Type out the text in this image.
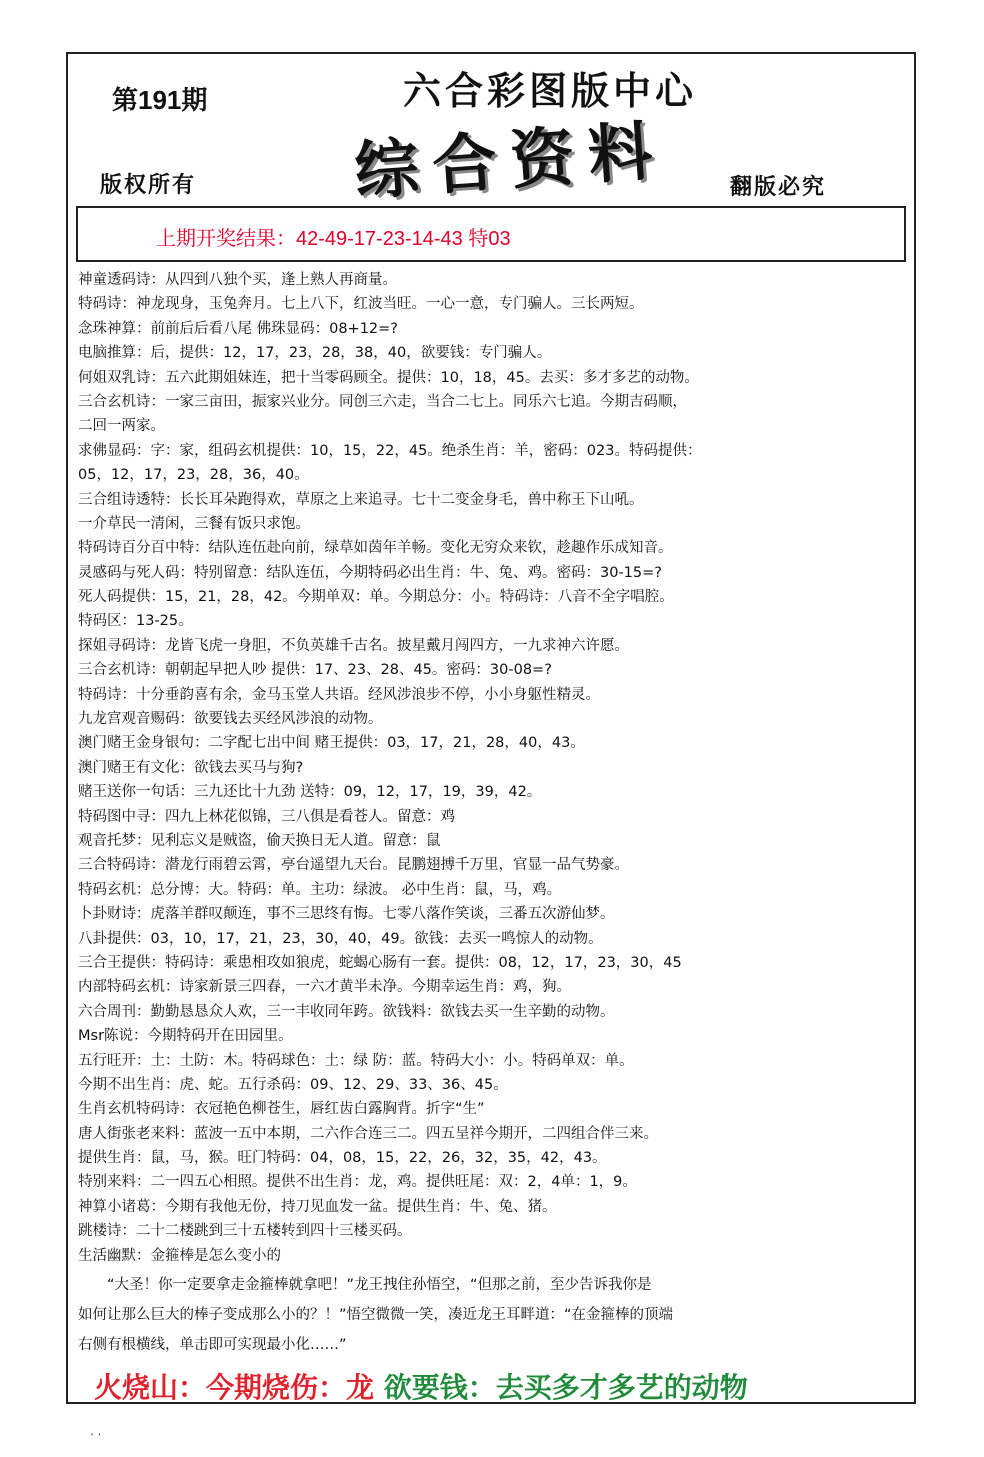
第191期	六合彩图版中心
综合资料
版权所有	翻版必究
上期开奖结果：42-49-17-23-14-43 特03
神童透码诗：从四到八独个买，逢上熟人再商量。
特码诗：神龙现身，玉兔奔月。七上八下，红波当旺。一心一意，专门骗人。三长两短。
念珠神算：前前后后看八尾 佛珠显码：08+12=?
电脑推算：后，提供：12，17，23，28，38，40，欲要钱：专门骗人。
何姐双乳诗：五六此期姐妹连，把十当零码顾全。提供：10，18，45。去买：多才多艺的动物。
三合玄机诗：一家三亩田，振家兴业分。同创三六走，当合二七上。同乐六七追。今期吉码顺，
二回一两家。
求佛显码：字：家，组码玄机提供：10，15，22，45。绝杀生肖：羊，密码：023。特码提供：
05，12，17，23，28，36，40。
三合组诗透特：长长耳朵跑得欢，草原之上来追寻。七十二变金身毛，兽中称王下山吼。
一介草民一清闲，三餐有饭只求饱。
特码诗百分百中特：结队连伍赴向前，绿草如茵年羊畅。变化无穷众来钦，趁趣作乐成知音。
灵感码与死人码：特别留意：结队连伍，今期特码必出生肖：牛、兔、鸡。密码：30-15=?
死人码提供：15，21，28，42。今期单双：单。今期总分：小。特码诗：八音不全字唱腔。
特码区：13-25。
探姐寻码诗：龙皆飞虎一身胆，不负英雄千古名。披星戴月闯四方，一九求神六许愿。
三合玄机诗：朝朝起早把人吵 提供：17、23、28、45。密码：30-08=?
特码诗：十分垂韵喜有余，金马玉堂人共语。经风涉浪步不停，小小身躯性精灵。
九龙宫观音赐码：欲要钱去买经风涉浪的动物。
澳门赌王金身银句：二字配七出中间 赌王提供：03，17，21，28，40，43。
澳门赌王有文化：欲钱去买马与狗?
赌王送你一句话：三九还比十九劲 送特：09，12，17，19，39，42。
特码图中寻：四九上林花似锦，三八俱是看苍人。留意：鸡
观音托梦：见利忘义是贼盗，偷天换日无人道。留意：鼠
三合特码诗：潜龙行雨碧云霄，亭台遥望九天台。昆鹏翅搏千万里，官显一品气势豪。
特码玄机：总分博：大。特码：单。主功：绿波。 必中生肖：鼠，马，鸡。
卜卦财诗：虎落羊群叹颠连，事不三思终有悔。七零八落作笑谈，三番五次游仙梦。
八卦提供：03，10，17，21，23，30，40，49。欲钱：去买一鸣惊人的动物。
三合王提供：特码诗：乘患相攻如狼虎，蛇蝎心肠有一套。提供：08，12，17，23，30，45
内部特码玄机：诗家新景三四春，一六才黄半未净。今期幸运生肖：鸡，狗。
六合周刊：勤勤恳恳众人欢，三一丰收同年跨。欲钱料：欲钱去买一生辛勤的动物。
Msr陈说：今期特码开在田园里。
五行旺开：土：土防：木。特码球色：土：绿 防：蓝。特码大小：小。特码单双：单。
今期不出生肖：虎、蛇。五行杀码：09、12、29、33、36、45。
生肖玄机特码诗：衣冠艳色柳苍生，唇红齿白露胸背。折字“生”
唐人街张老来料：蓝波一五中本期，二六作合连三二。四五呈祥今期开，二四组合伴三来。
提供生肖：鼠，马，猴。旺门特码：04，08，15，22，26，32，35，42，43。
特别来料：二一四五心相照。提供不出生肖：龙，鸡。提供旺尾：双：2，4单：1，9。
神算小诸葛：今期有我他无份，持刀见血发一盆。提供生肖：牛、兔、猪。
跳楼诗：二十二楼跳到三十五楼转到四十三楼买码。
生活幽默：金箍棒是怎么变小的
　　“大圣！你一定要拿走金箍棒就拿吧！”龙王拽住孙悟空，“但那之前，至少告诉我你是
如何让那么巨大的棒子变成那么小的？！”悟空微微一笑，凑近龙王耳畔道：“在金箍棒的顶端
右侧有根横线，单击即可实现最小化……”
火烧山：今期烧伤：龙 欲要钱：去买多才多艺的动物
. .
